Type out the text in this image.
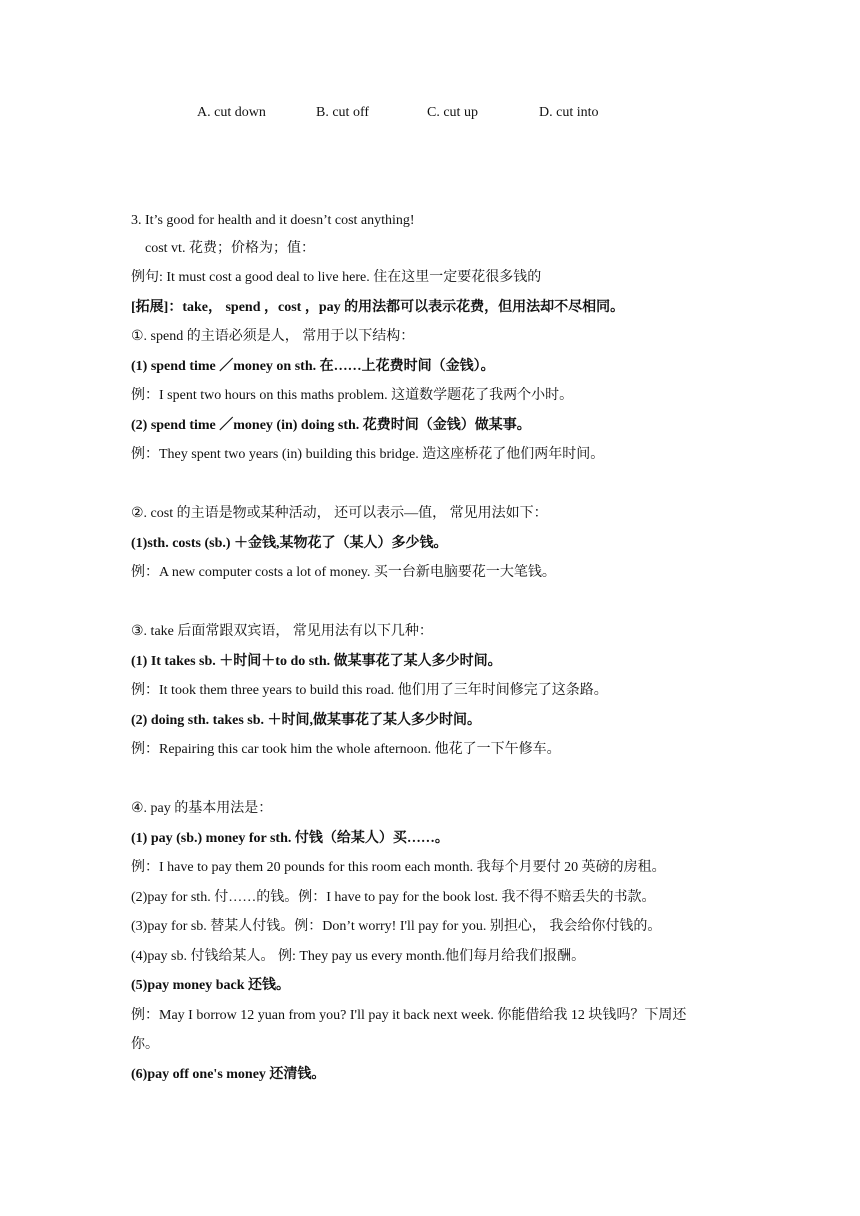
A. cut down	B. cut off	C. cut up	D. cut into
3. It’s good for health and it doesn’t cost anything!
cost vt. 花费；价格为；值：
例句: It must cost a good deal to live here. 住在这里一定要花很多钱的
[拓展]：take， spend ，cost ，pay 的用法都可以表示花费，但用法却不尽相同。
①. spend 的主语必须是人， 常用于以下结构：
(1) spend time ／money on sth. 在……上花费时间（金钱）。
例：I spent two hours on this maths problem. 这道数学题花了我两个小时。
(2) spend time ／money (in) doing sth. 花费时间（金钱）做某事。
例：They spent two years (in) building this bridge. 造这座桥花了他们两年时间。
②. cost 的主语是物或某种活动， 还可以表示—值， 常见用法如下：
(1)sth. costs (sb.) ＋金钱,某物花了（某人）多少钱。
例：A new computer costs a lot of money. 买一台新电脑要花一大笔钱。
③. take 后面常跟双宾语， 常见用法有以下几种：
(1) It takes sb. ＋时间＋to do sth. 做某事花了某人多少时间。
例：It took them three years to build this road. 他们用了三年时间修完了这条路。
(2) doing sth. takes sb. ＋时间,做某事花了某人多少时间。
例：Repairing this car took him the whole afternoon. 他花了一下午修车。
④. pay 的基本用法是：
(1) pay (sb.) money for sth. 付钱（给某人）买……。
例：I have to pay them 20 pounds for this room each month. 我每个月要付 20 英磅的房租。
(2)pay for sth. 付……的钱。例：I have to pay for the book lost. 我不得不赔丢失的书款。
(3)pay for sb. 替某人付钱。例：Don’t worry! I'll pay for you. 别担心， 我会给你付钱的。
(4)pay sb. 付钱给某人。 例: They pay us every month.他们每月给我们报酬。
(5)pay money back 还钱。
例：May I borrow 12 yuan from you? I'll pay it back next week. 你能借给我 12 块钱吗？下周还
你。
(6)pay off one's money 还清钱。
